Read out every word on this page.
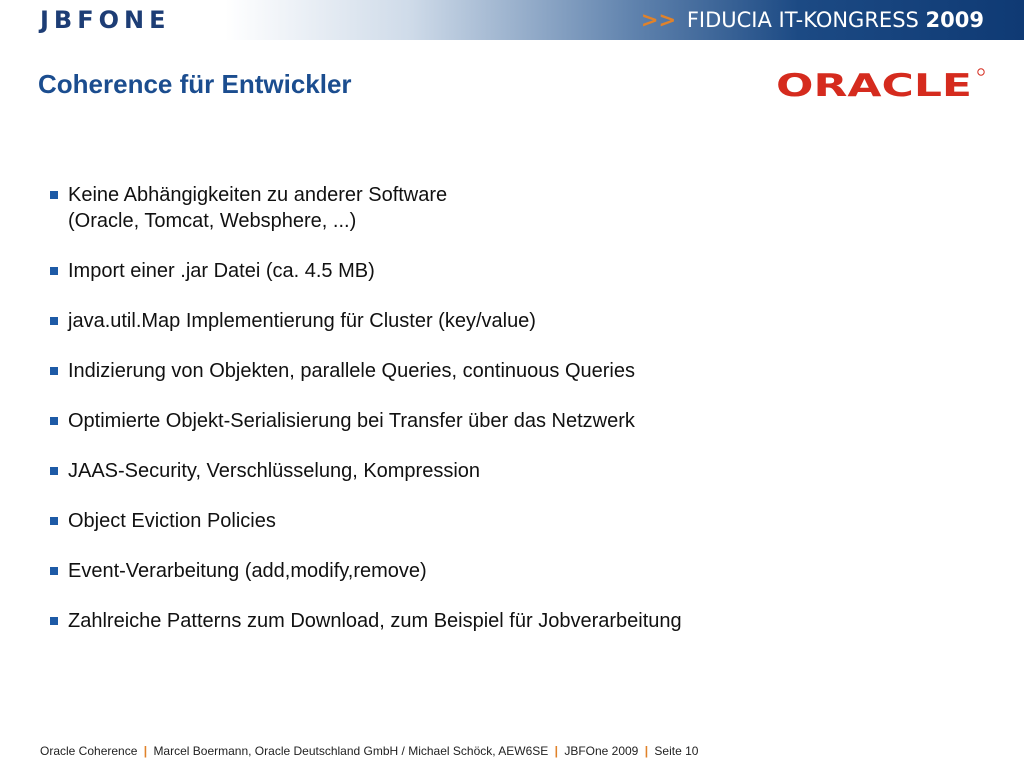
JBFONE	>> FIDUCIA IT-KONGRESS 2009
Coherence für Entwickler	ORACLE
Keine Abhängigkeiten zu anderer Software
(Oracle, Tomcat, Websphere, ...)
Import einer .jar Datei (ca. 4.5 MB)
java.util.Map Implementierung für Cluster (key/value)
Indizierung von Objekten, parallele Queries, continuous Queries
Optimierte Objekt-Serialisierung bei Transfer über das Netzwerk
JAAS-Security, Verschlüsselung, Kompression
Object Eviction Policies
Event-Verarbeitung (add,modify,remove)
Zahlreiche Patterns zum Download, zum Beispiel für Jobverarbeitung
Oracle Coherence | Marcel Boermann, Oracle Deutschland GmbH / Michael Schöck, AEW6SE | JBFOne 2009 | Seite 10
